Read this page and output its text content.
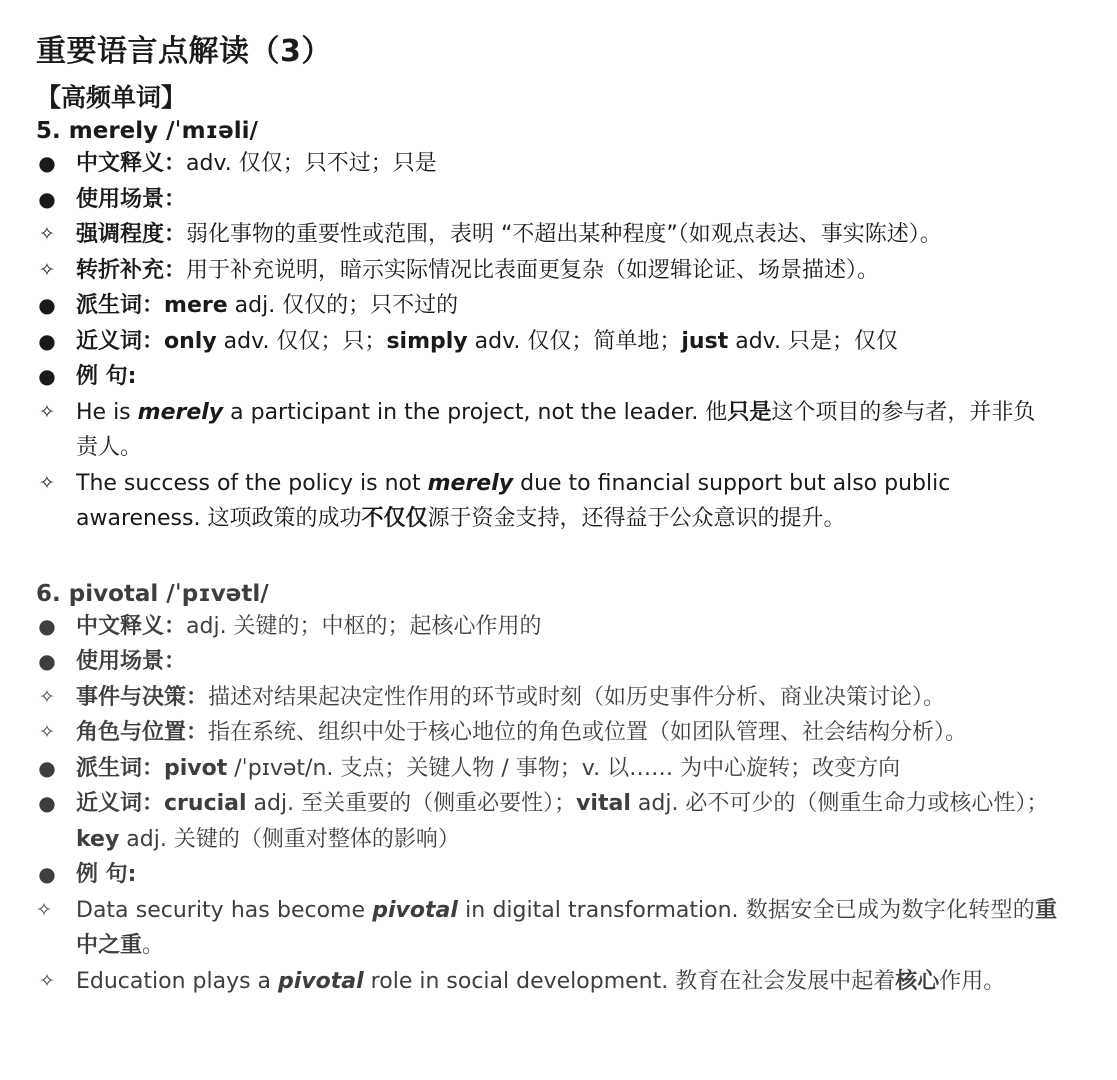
重要语言点解读（3）
【高频单词】
5. merely /ˈmɪəli/

● 中文释义：adv. 仅仅；只不过；只是

● 使用场景：

✧ 强调程度：弱化事物的重要性或范围，表明 “不超出某种程度”（如观点表达、事实陈述）。

✧ 转折补充：用于补充说明，暗示实际情况比表面更复杂（如逻辑论证、场景描述）。

● 派生词：mere adj. 仅仅的；只不过的

● 近义词：only adv. 仅仅；只；simply adv. 仅仅；简单地；just adv. 只是；仅仅

● 例 句:

✧ He is merely a participant in the project, not the leader. 他只是这个项目的参与者，并非负责人。

✧ The success of the policy is not merely due to financial support but also public awareness. 这项政策的成功不仅仅源于资金支持，还得益于公众意识的提升。

6. pivotal /ˈpɪvətl/

● 中文释义：adj. 关键的；中枢的；起核心作用的

● 使用场景：

✧ 事件与决策：描述对结果起决定性作用的环节或时刻（如历史事件分析、商业决策讨论）。

✧ 角色与位置：指在系统、组织中处于核心地位的角色或位置（如团队管理、社会结构分析）。

● 派生词：pivot /ˈpɪvət/n. 支点；关键人物 / 事物；v. 以…… 为中心旋转；改变方向

● 近义词：crucial adj. 至关重要的（侧重必要性）；vital adj. 必不可少的（侧重生命力或核心性）；key adj. 关键的（侧重对整体的影响）

● 例 句:

✧ Data security has become pivotal in digital transformation. 数据安全已成为数字化转型的重中之重。

✧ Education plays a pivotal role in social development. 教育在社会发展中起着核心作用。
